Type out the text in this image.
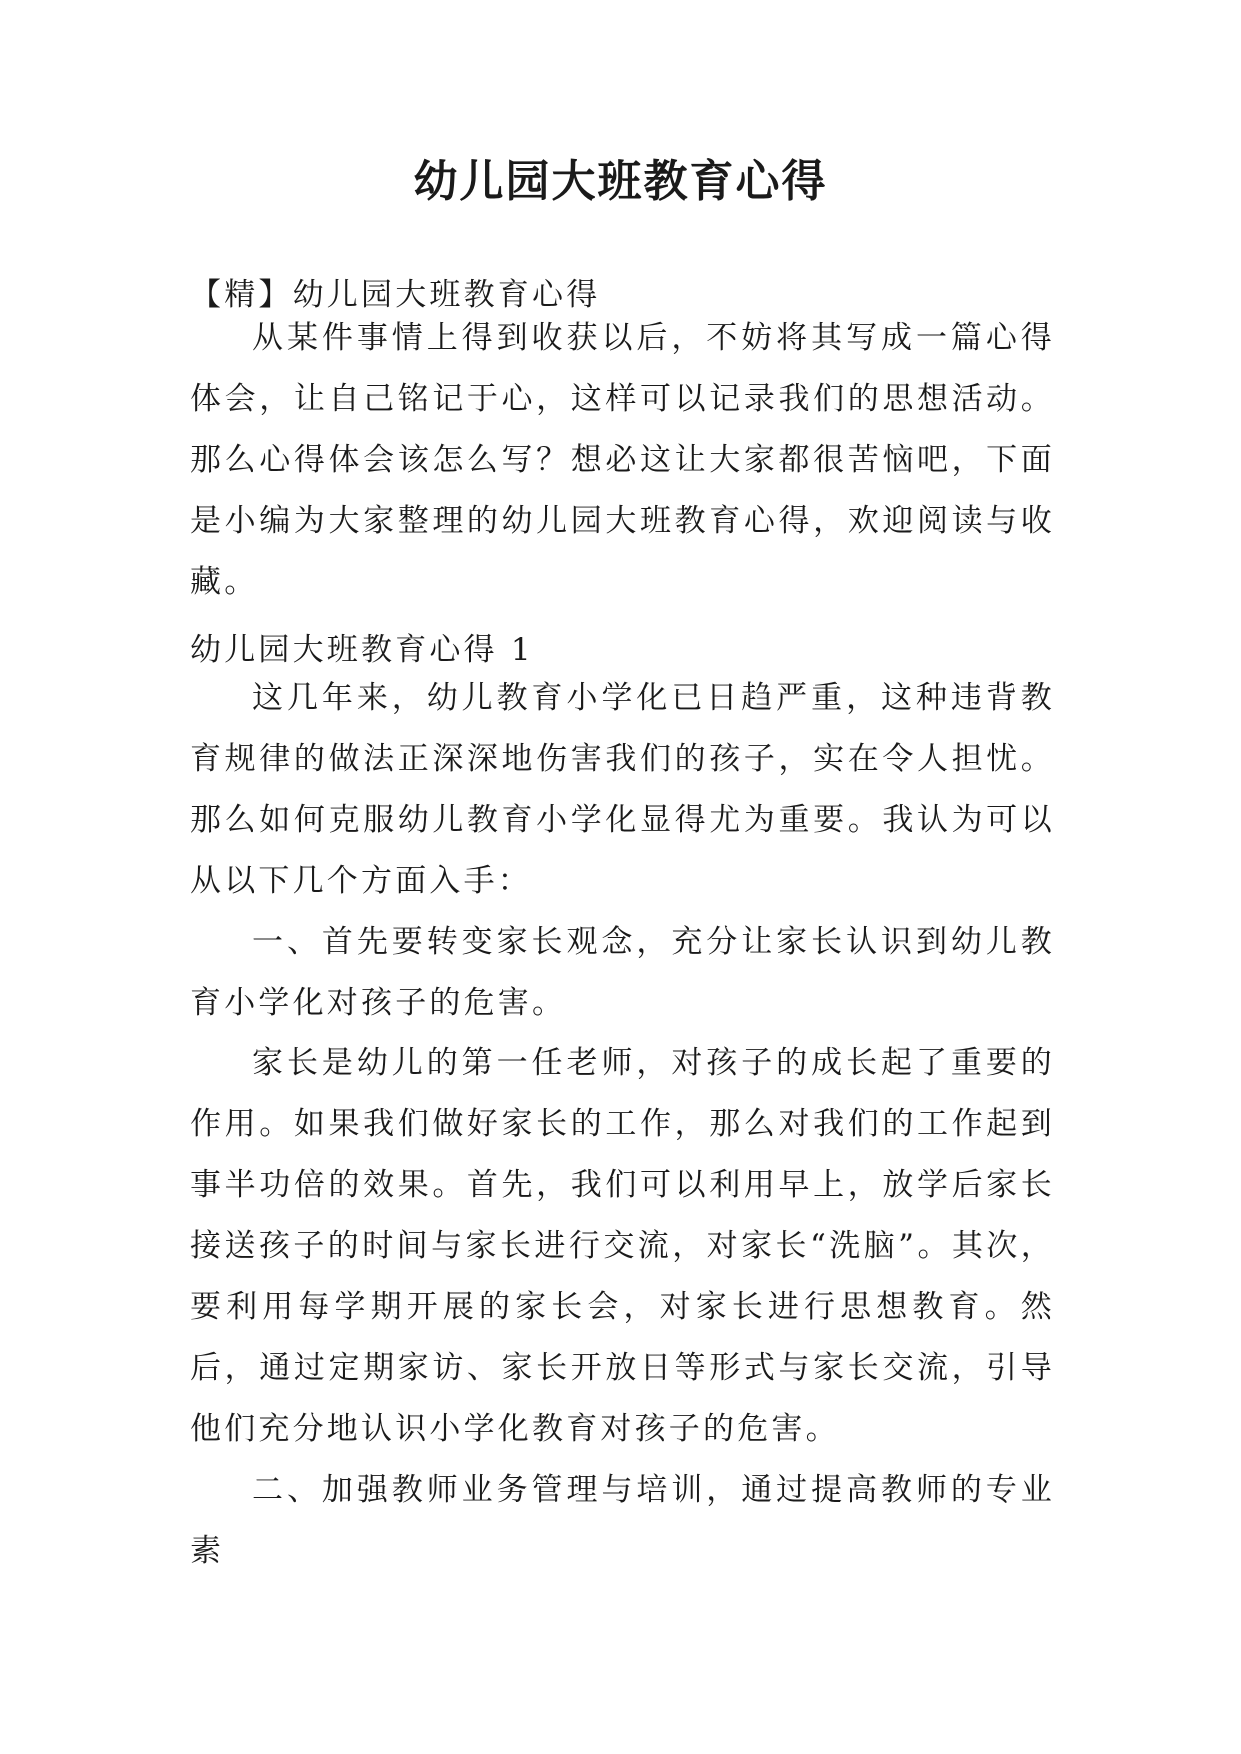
幼儿园大班教育心得

【精】幼儿园大班教育心得

从某件事情上得到收获以后，不妨将其写成一篇心得体会，让自己铭记于心，这样可以记录我们的思想活动。那么心得体会该怎么写？想必这让大家都很苦恼吧，下面是小编为大家整理的幼儿园大班教育心得，欢迎阅读与收藏。

幼儿园大班教育心得 1

这几年来，幼儿教育小学化已日趋严重，这种违背教育规律的做法正深深地伤害我们的孩子，实在令人担忧。那么如何克服幼儿教育小学化显得尤为重要。我认为可以从以下几个方面入手：

一、首先要转变家长观念，充分让家长认识到幼儿教育小学化对孩子的危害。

家长是幼儿的第一任老师，对孩子的成长起了重要的作用。如果我们做好家长的工作，那么对我们的工作起到事半功倍的效果。首先，我们可以利用早上，放学后家长接送孩子的时间与家长进行交流，对家长“洗脑”。其次，要利用每学期开展的家长会，对家长进行思想教育。然后，通过定期家访、家长开放日等形式与家长交流，引导他们充分地认识小学化教育对孩子的危害。

二、加强教师业务管理与培训，通过提高教师的专业素
